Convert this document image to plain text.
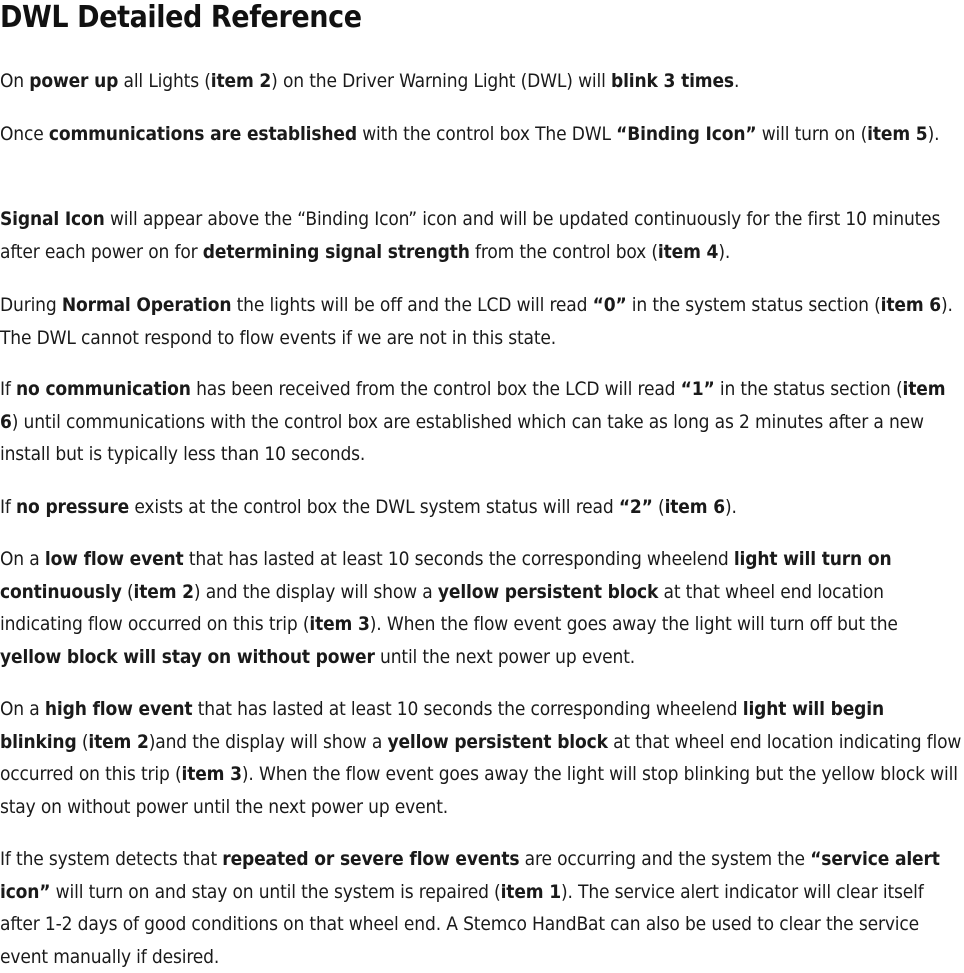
DWL Detailed Reference

On power up all Lights (item 2) on the Driver Warning Light (DWL) will blink 3 times.

Once communications are established with the control box The DWL “Binding Icon” will turn on (item 5).

Signal Icon will appear above the “Binding Icon” icon and will be updated continuously for the first 10 minutes after each power on for determining signal strength from the control box (item 4).

During Normal Operation the lights will be off and the LCD will read “0” in the system status section (item 6). The DWL cannot respond to flow events if we are not in this state.

If no communication has been received from the control box the LCD will read “1” in the status section (item 6) until communications with the control box are established which can take as long as 2 minutes after a new install but is typically less than 10 seconds.

If no pressure exists at the control box the DWL system status will read “2” (item 6).

On a low flow event that has lasted at least 10 seconds the corresponding wheelend light will turn on continuously (item 2) and the display will show a yellow persistent block at that wheel end location indicating flow occurred on this trip (item 3). When the flow event goes away the light will turn off but the yellow block will stay on without power until the next power up event.

On a high flow event that has lasted at least 10 seconds the corresponding wheelend light will begin blinking (item 2)and the display will show a yellow persistent block at that wheel end location indicating flow occurred on this trip (item 3). When the flow event goes away the light will stop blinking but the yellow block will stay on without power until the next power up event.

If the system detects that repeated or severe flow events are occurring and the system the “service alert icon” will turn on and stay on until the system is repaired (item 1). The service alert indicator will clear itself after 1-2 days of good conditions on that wheel end. A Stemco HandBat can also be used to clear the service event manually if desired.
